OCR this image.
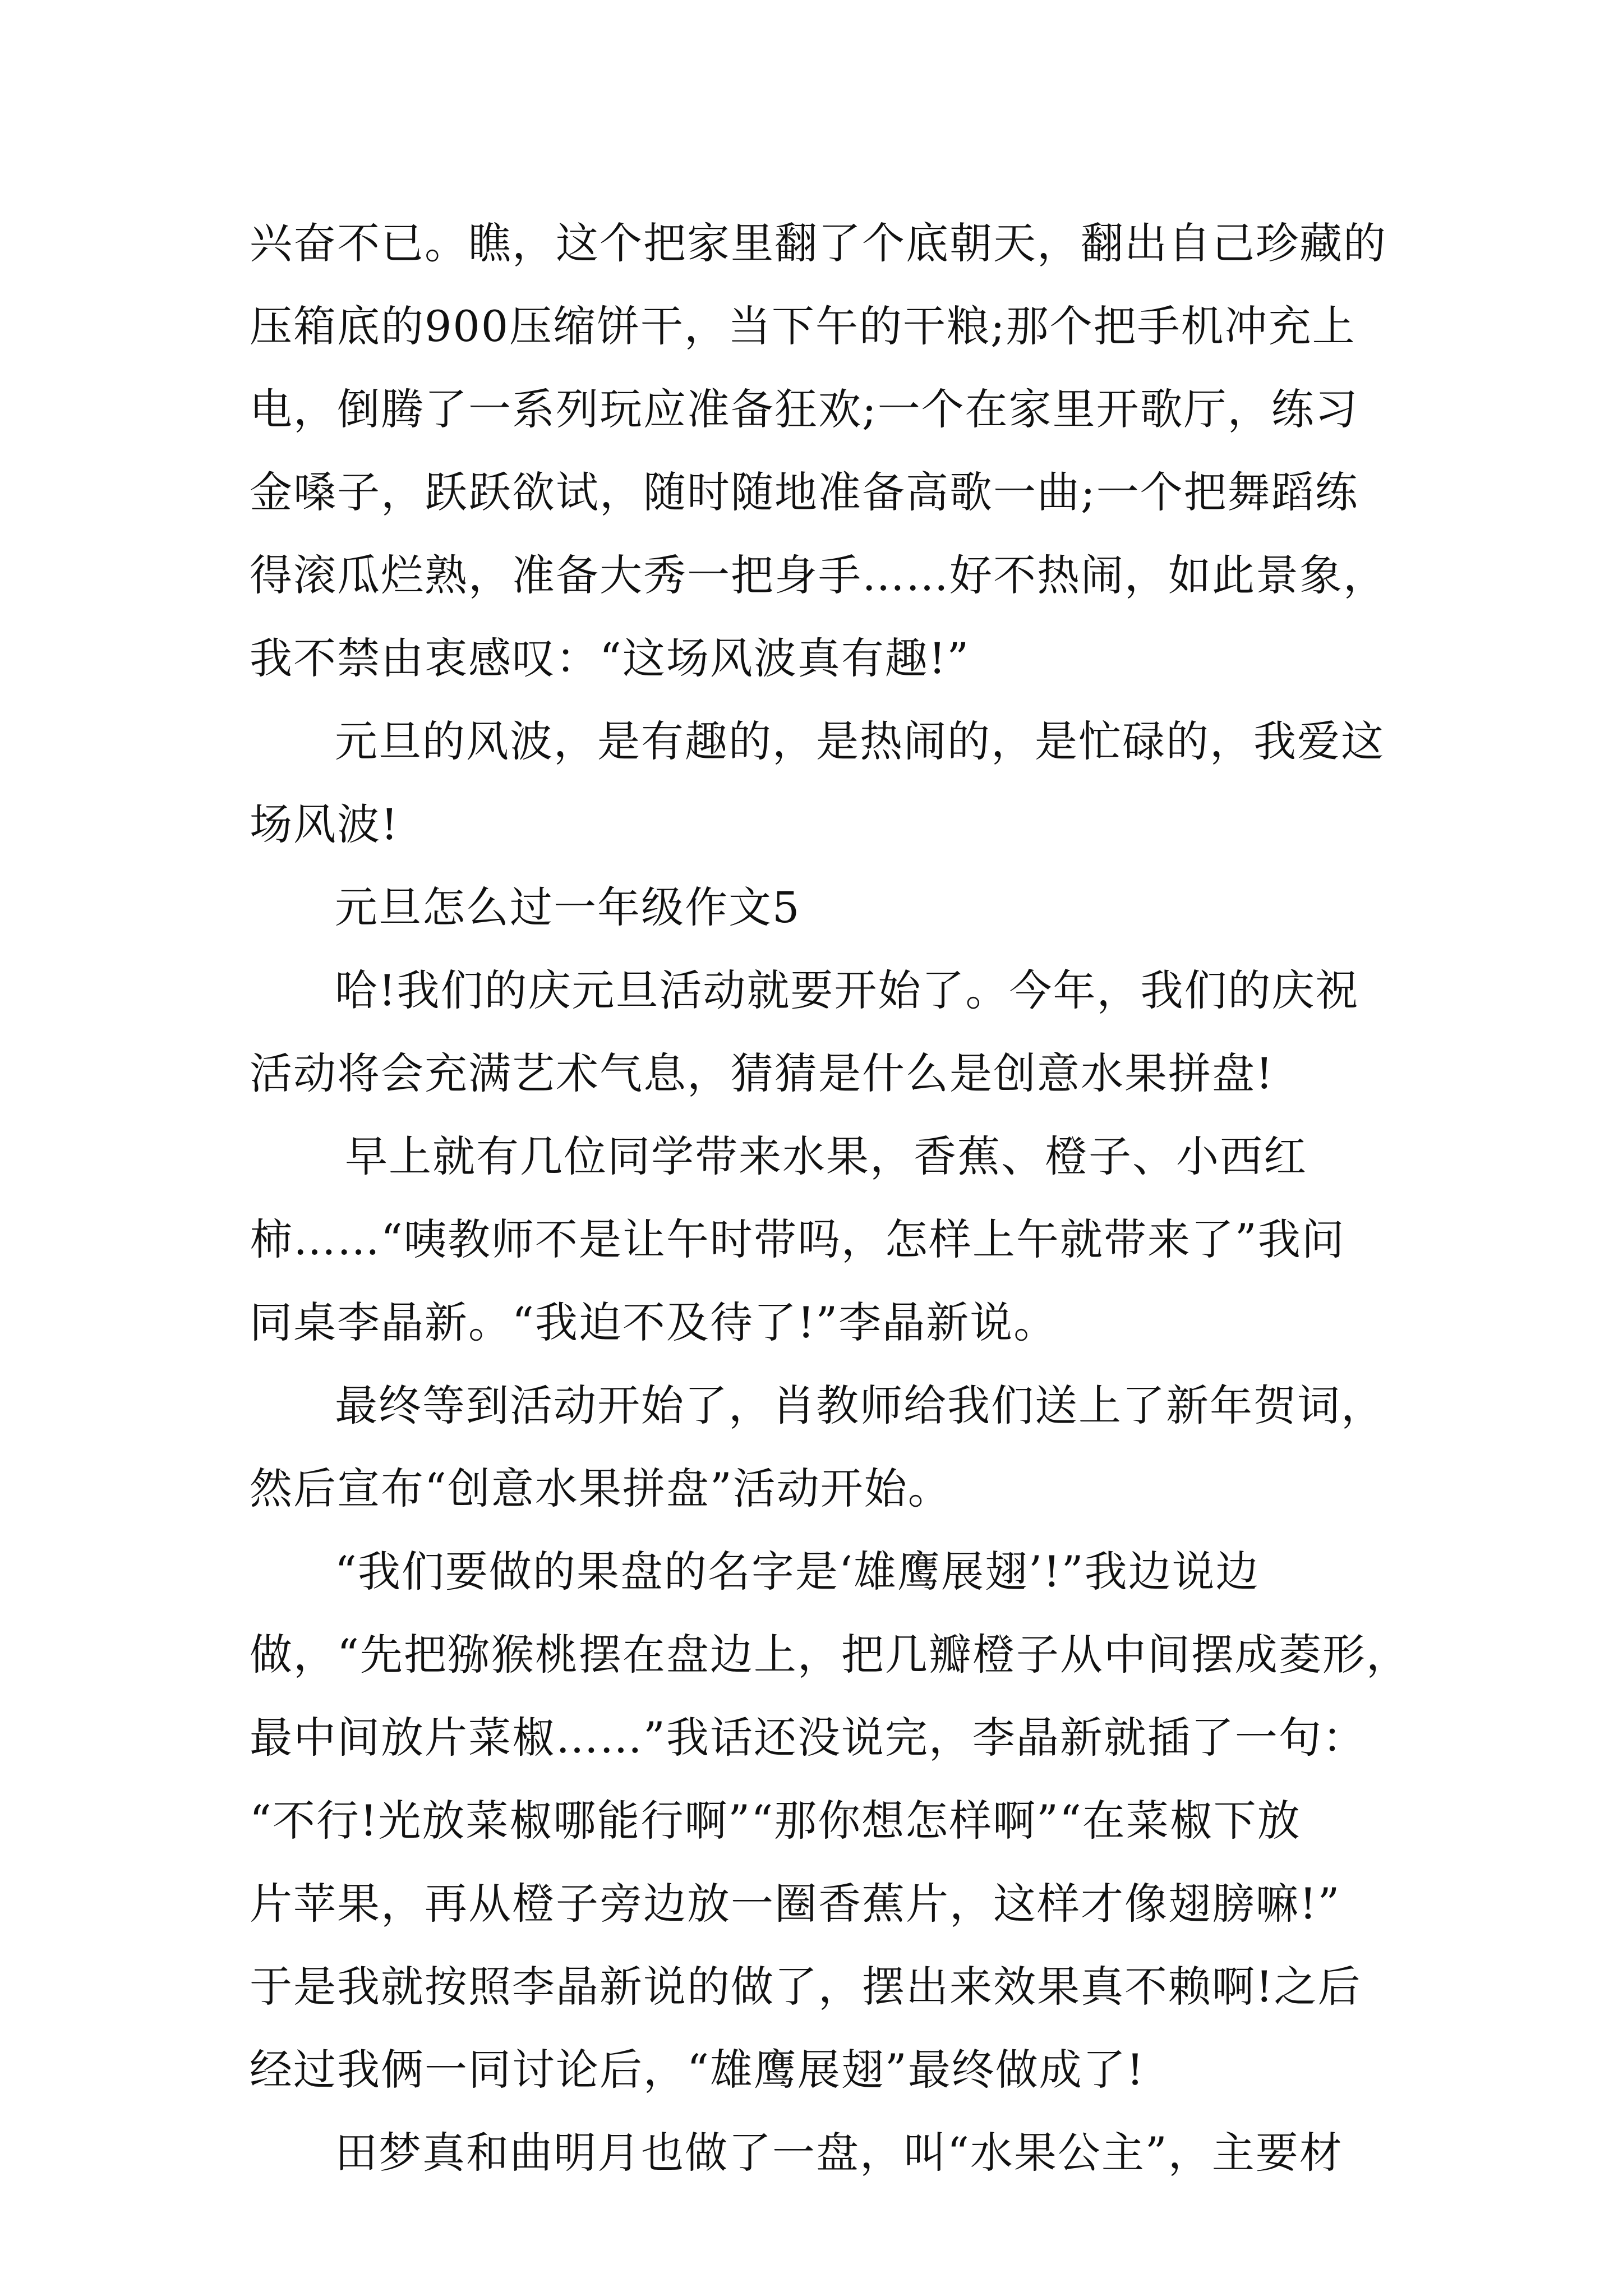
兴奋不已。瞧，这个把家里翻了个底朝天，翻出自己珍藏的
压箱底的900压缩饼干，当下午的干粮;那个把手机冲充上
电，倒腾了一系列玩应准备狂欢;一个在家里开歌厅，练习
金嗓子，跃跃欲试，随时随地准备高歌一曲;一个把舞蹈练
得滚瓜烂熟，准备大秀一把身手……好不热闹，如此景象，
我不禁由衷感叹：“这场风波真有趣!”
元旦的风波，是有趣的，是热闹的，是忙碌的，我爱这
场风波!
元旦怎么过一年级作文5
哈!我们的庆元旦活动就要开始了。今年，我们的庆祝
活动将会充满艺术气息，猜猜是什么是创意水果拼盘!
早上就有几位同学带来水果，香蕉、橙子、小西红
柿……“咦教师不是让午时带吗，怎样上午就带来了”我问
同桌李晶新。“我迫不及待了!”李晶新说。
最终等到活动开始了，肖教师给我们送上了新年贺词，
然后宣布“创意水果拼盘”活动开始。
“我们要做的果盘的名字是‘雄鹰展翅’!”我边说边
做，“先把猕猴桃摆在盘边上，把几瓣橙子从中间摆成菱形，
最中间放片菜椒……”我话还没说完，李晶新就插了一句：
“不行!光放菜椒哪能行啊”“那你想怎样啊”“在菜椒下放
片苹果，再从橙子旁边放一圈香蕉片，这样才像翅膀嘛!”
于是我就按照李晶新说的做了，摆出来效果真不赖啊!之后
经过我俩一同讨论后，“雄鹰展翅”最终做成了!
田梦真和曲明月也做了一盘，叫“水果公主”，主要材
